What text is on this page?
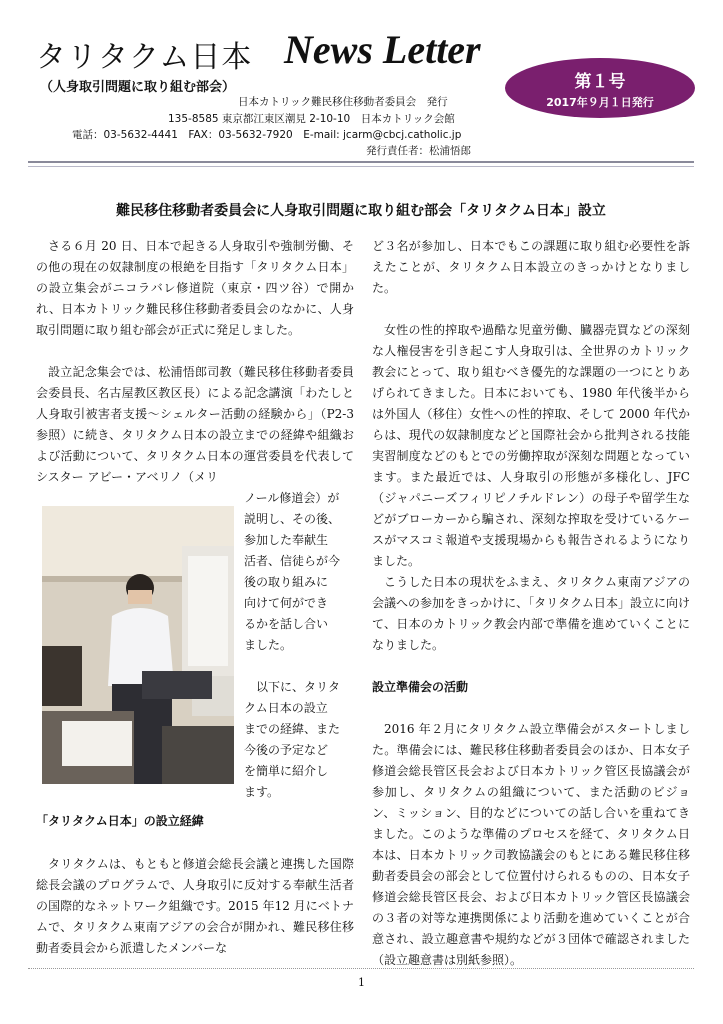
タリタクム日本 News Letter
（人身取引問題に取り組む部会）	第１号
2017年９月１日発行
日本カトリック難民移住移動者委員会　発行
135-8585 東京都江東区潮見 2-10-10　日本カトリック会館
電話：03-5632-4441　FAX：03-5632-7920　E-mail: jcarm@cbcj.catholic.jp
発行責任者：松浦悟郎
難民移住移動者委員会に人身取引問題に取り組む部会「タリタクム日本」設立

さる６月 20 日、日本で起きる人身取引や強制労働、その他の現在の奴隷制度の根絶を目指す「タリタクム日本」の設立集会がニコラバレ修道院（東京・四ツ谷）で開かれ、日本カトリック難民移住移動者委員会のなかに、人身取引問題に取り組む部会が正式に発足しました。

設立記念集会では、松浦悟郎司教（難民移住移動者委員会委員長、名古屋教区教区長）による記念講演「わたしと人身取引被害者支援～シェルター活動の経験から」（P2-3 参照）に続き、タリタクム日本の設立までの経緯や組織および活動について、タリタクム日本の運営委員を代表してシスター アビー・アベリノ（メリ

ノール修道会）が
説明し、その後、
参加した奉献生
活者、信徒らが今
後の取り組みに
向けて何ができ
るかを話し合い
ました。
以下に、タリタ
クム日本の設立
までの経緯、また
今後の予定など
を簡単に紹介し
ます。
「タリタクム日本」の設立経緯

タリタクムは、もともと修道会総長会議と連携した国際総長会議のプログラムで、人身取引に反対する奉献生活者の国際的なネットワーク組織です。2015 年12 月にベトナムで、タリタクム東南アジアの会合が開かれ、難民移住移動者委員会から派遣したメンバーな

ど３名が参加し、日本でもこの課題に取り組む必要性を訴えたことが、タリタクム日本設立のきっかけとなりました。

女性の性的搾取や過酷な児童労働、臓器売買などの深刻な人権侵害を引き起こす人身取引は、全世界のカトリック教会にとって、取り組むべき優先的な課題の一つにとりあげられてきました。日本においても、1980 年代後半からは外国人（移住）女性への性的搾取、そして 2000 年代からは、現代の奴隷制度などと国際社会から批判される技能実習制度などのもとでの労働搾取が深刻な問題となっています。また最近では、人身取引の形態が多様化し、JFC（ジャパニーズフィリピノチルドレン）の母子や留学生などがブローカーから騙され、深刻な搾取を受けているケースがマスコミ報道や支援現場からも報告されるようになりました。

こうした日本の現状をふまえ、タリタクム東南アジアの会議への参加をきっかけに、「タリタクム日本」設立に向けて、日本のカトリック教会内部で準備を進めていくことになりました。

設立準備会の活動

2016 年２月にタリタクム設立準備会がスタートしました。準備会には、難民移住移動者委員会のほか、日本女子修道会総長管区長会および日本カトリック管区長協議会が参加し、タリタクムの組織について、また活動のビジョン、ミッション、目的などについての話し合いを重ねてきました。このような準備のプロセスを経て、タリタクム日本は、日本カトリック司教協議会のもとにある難民移住移動者委員会の部会として位置付けられるものの、日本女子修道会総長管区長会、および日本カトリック管区長協議会の３者の対等な連携関係により活動を進めていくことが合意され、設立趣意書や規約などが３団体で確認されました（設立趣意書は別紙参照）。

1
